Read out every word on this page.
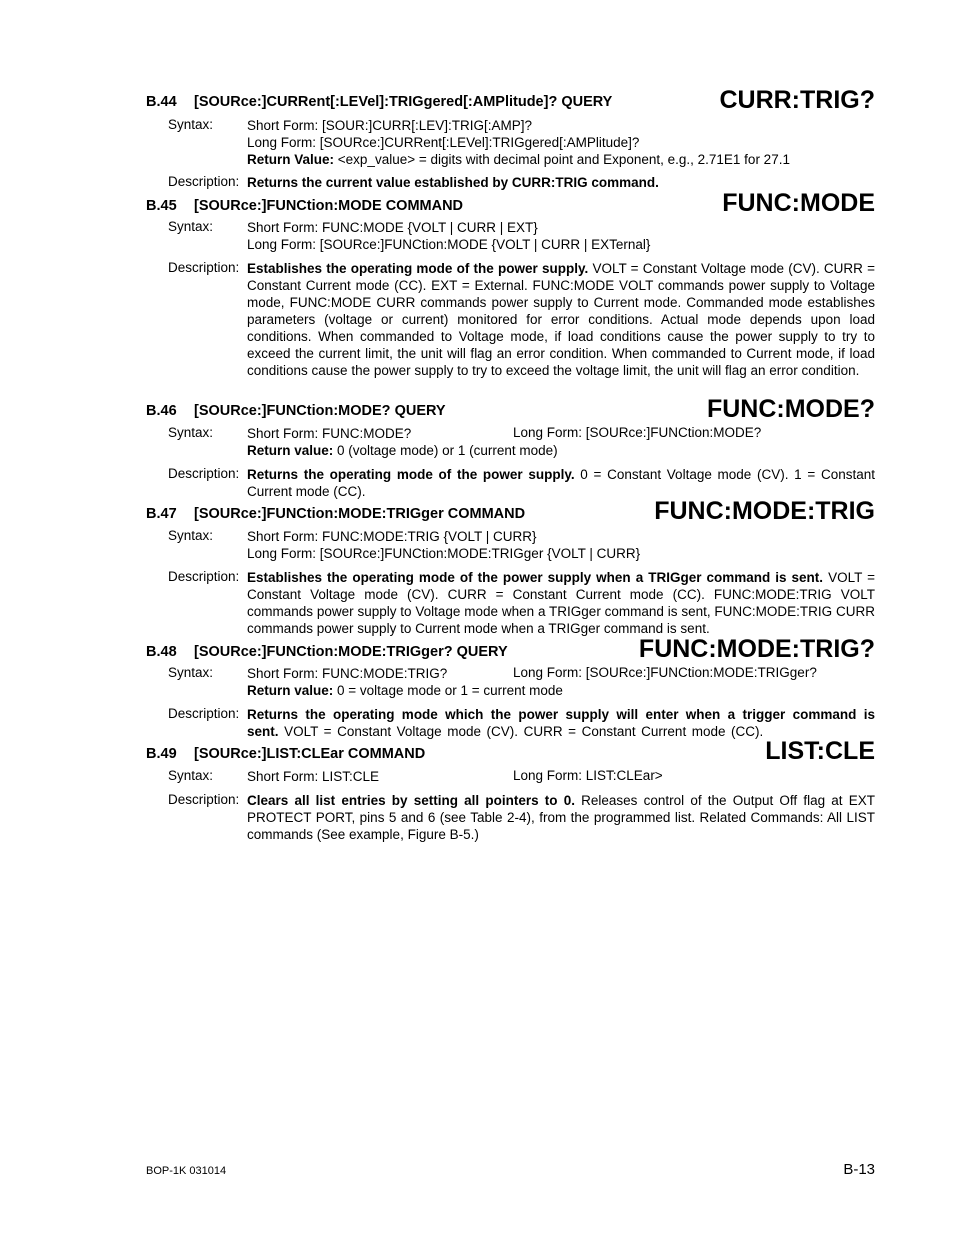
B.44 [SOURce:]CURRent[:LEVel]:TRIGgered[:AMPlitude]? QUERY	CURR:TRIG?
Syntax:	Short Form: [SOUR:]CURR[:LEV]:TRIG[:AMP]?
Long Form: [SOURce:]CURRent[:LEVel]:TRIGgered[:AMPlitude]?
Return Value: <exp_value> = digits with decimal point and Exponent, e.g., 2.71E1 for 27.1
Description: Returns the current value established by CURR:TRIG command.
B.45 [SOURce:]FUNCtion:MODE COMMAND	FUNC:MODE
Syntax:	Short Form: FUNC:MODE {VOLT | CURR | EXT}
Long Form: [SOURce:]FUNCtion:MODE {VOLT | CURR | EXTernal}
Description: Establishes the operating mode of the power supply. VOLT = Constant Voltage mode (CV). CURR = Constant Current mode (CC). EXT = External. FUNC:MODE VOLT commands power supply to Voltage mode, FUNC:MODE CURR commands power supply to Current mode. Commanded mode establishes parameters (voltage or current) monitored for error conditions. Actual mode depends upon load conditions. When commanded to Voltage mode, if load conditions cause the power supply to try to exceed the current limit, the unit will flag an error condition. When commanded to Current mode, if load conditions cause the power supply to try to exceed the voltage limit, the unit will flag an error condition.
B.46 [SOURce:]FUNCtion:MODE? QUERY	FUNC:MODE?
Syntax:	Short Form: FUNC:MODE?	Long Form: [SOURce:]FUNCtion:MODE?
Return value: 0 (voltage mode) or 1 (current mode)
Description: Returns the operating mode of the power supply. 0 = Constant Voltage mode (CV). 1 = Constant Current mode (CC).
B.47 [SOURce:]FUNCtion:MODE:TRIGger COMMAND	FUNC:MODE:TRIG
Syntax:	Short Form: FUNC:MODE:TRIG {VOLT | CURR}
Long Form: [SOURce:]FUNCtion:MODE:TRIGger {VOLT | CURR}
Description: Establishes the operating mode of the power supply when a TRIGger command is sent. VOLT = Constant Voltage mode (CV). CURR = Constant Current mode (CC). FUNC:MODE:TRIG VOLT commands power supply to Voltage mode when a TRIGger command is sent, FUNC:MODE:TRIG CURR commands power supply to Current mode when a TRIGger command is sent.
B.48 [SOURce:]FUNCtion:MODE:TRIGger? QUERY	FUNC:MODE:TRIG?
Syntax:	Short Form: FUNC:MODE:TRIG?	Long Form: [SOURce:]FUNCtion:MODE:TRIGger?
Return value: 0 = voltage mode or 1 = current mode
Description: Returns the operating mode which the power supply will enter when a trigger command is sent. VOLT = Constant Voltage mode (CV). CURR = Constant Current mode (CC).
B.49 [SOURce:]LIST:CLEar COMMAND	LIST:CLE
Syntax:	Short Form: LIST:CLE	Long Form: LIST:CLEar>
Description: Clears all list entries by setting all pointers to 0. Releases control of the Output Off flag at EXT PROTECT PORT, pins 5 and 6 (see Table 2-4), from the programmed list. Related Commands: All LIST commands (See example, Figure B-5.)
BOP-1K 031014	B-13
